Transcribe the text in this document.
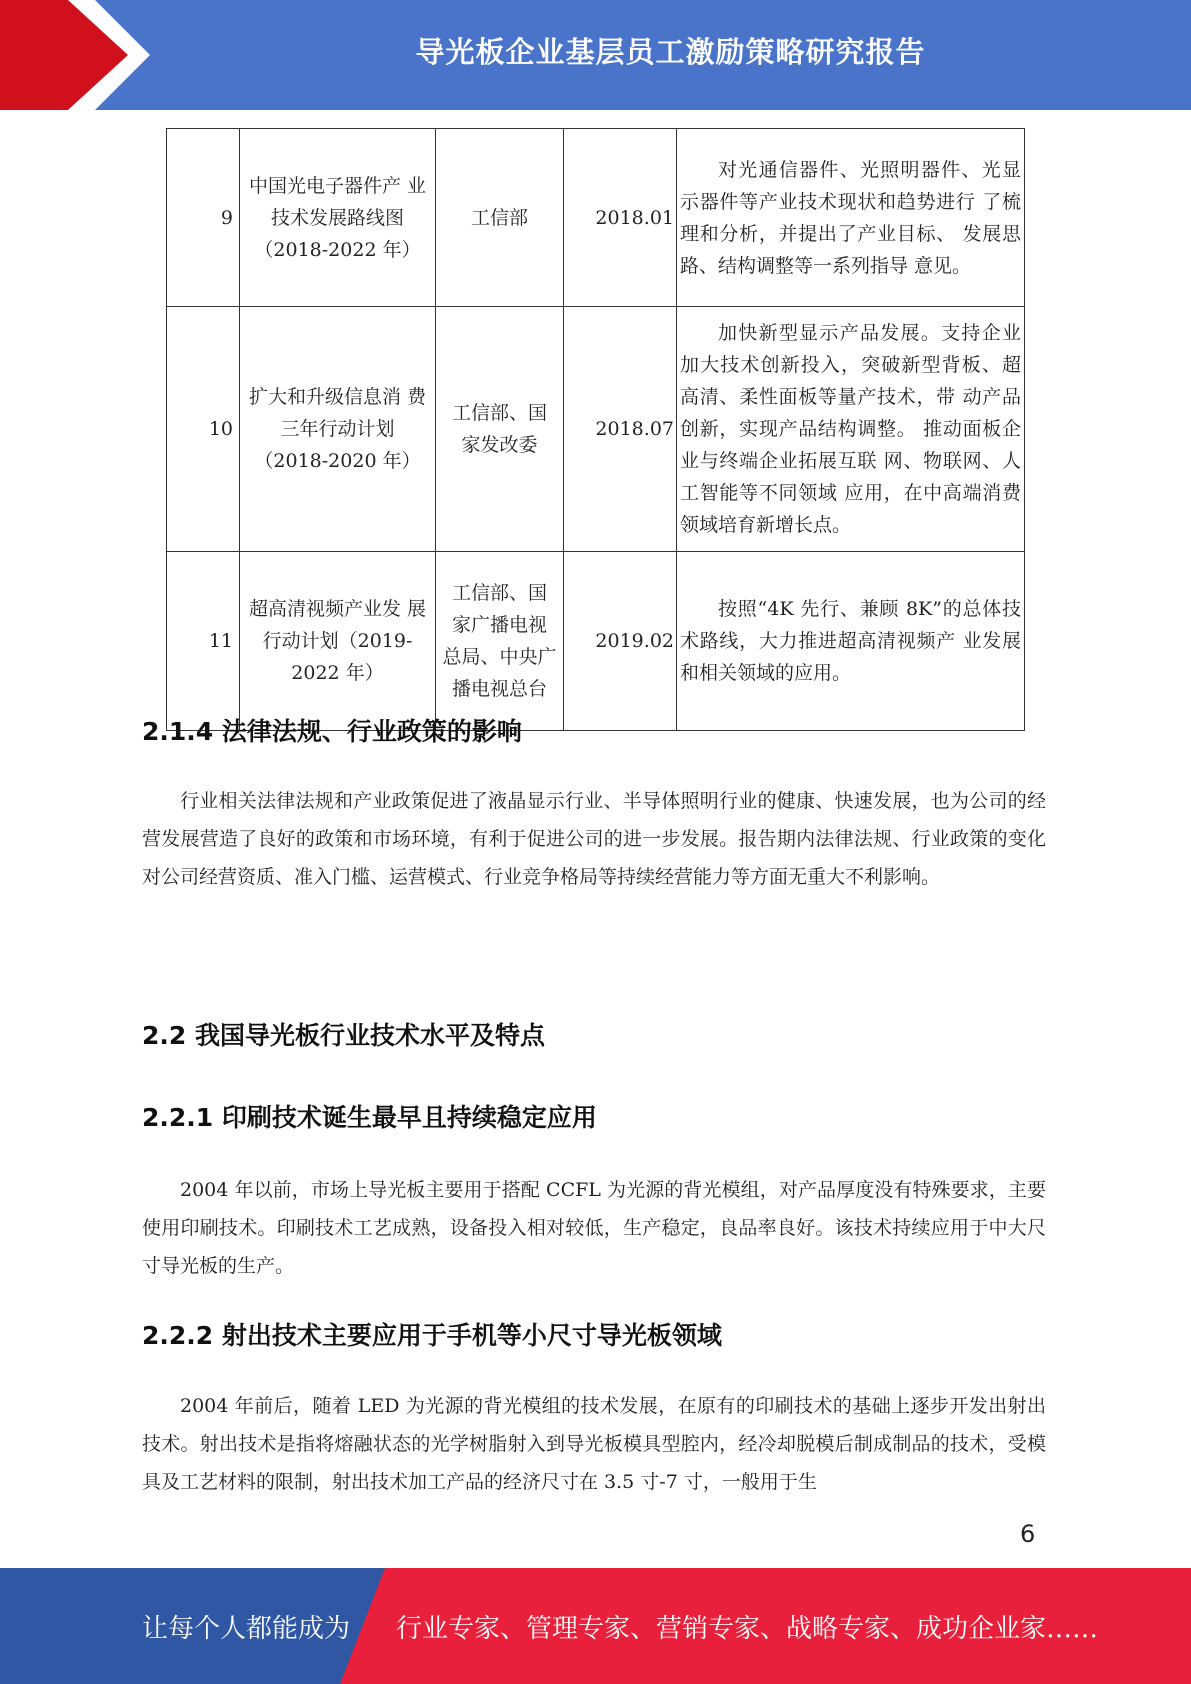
导光板企业基层员工激励策略研究报告
9	中国光电子器件产 业技术发展路线图（2018-2022 年）	工信部	2018.01	对光通信器件、光照明器件、光显示器件等产业技术现状和趋势进行 了梳理和分析，并提出了产业目标、 发展思路、结构调整等一系列指导 意见。
10	扩大和升级信息消 费三年行动计划（2018-2020 年）	工信部、国 家发改委	2018.07	加快新型显示产品发展。支持企业加大技术创新投入，突破新型背板、超高清、柔性面板等量产技术，带 动产品创新，实现产品结构调整。 推动面板企业与终端企业拓展互联 网、物联网、人工智能等不同领域 应用，在中高端消费领域培育新增长点。
11	超高清视频产业发 展行动计划（2019-2022 年）	工信部、国 家广播电视 总局、中央广播电视总台	2019.02	按照“4K 先行、兼顾 8K”的总体技术路线，大力推进超高清视频产 业发展和相关领域的应用。
2.1.4 法律法规、行业政策的影响
行业相关法律法规和产业政策促进了液晶显示行业、半导体照明行业的健康、快速发展，也为公司的经营发展营造了良好的政策和市场环境，有利于促进公司的进一步发展。报告期内法律法规、行业政策的变化对公司经营资质、准入门槛、运营模式、行业竞争格局等持续经营能力等方面无重大不利影响。
2.2 我国导光板行业技术水平及特点
2.2.1 印刷技术诞生最早且持续稳定应用
2004 年以前，市场上导光板主要用于搭配 CCFL 为光源的背光模组，对产品厚度没有特殊要求，主要使用印刷技术。印刷技术工艺成熟，设备投入相对较低，生产稳定，良品率良好。该技术持续应用于中大尺寸导光板的生产。
2.2.2 射出技术主要应用于手机等小尺寸导光板领域
2004 年前后，随着 LED 为光源的背光模组的技术发展，在原有的印刷技术的基础上逐步开发出射出技术。射出技术是指将熔融状态的光学树脂射入到导光板模具型腔内，经冷却脱模后制成制品的技术，受模具及工艺材料的限制，射出技术加工产品的经济尺寸在 3.5 寸-7 寸，一般用于生
6
让每个人都能成为 行业专家、管理专家、营销专家、战略专家、成功企业家……
